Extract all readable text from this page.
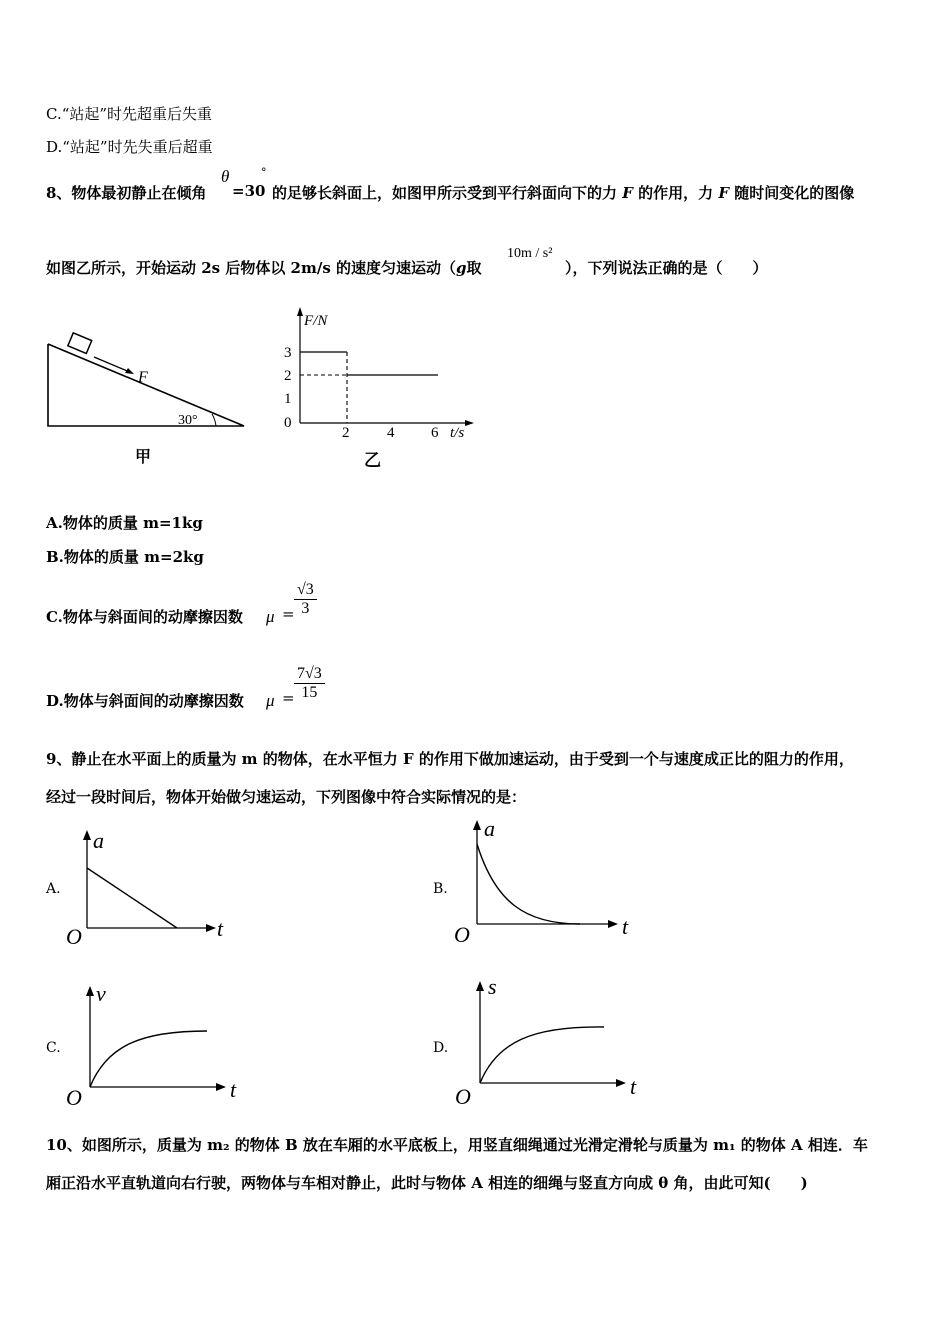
C.“站起”时先超重后失重
D.“站起”时先失重后超重
8、物体最初静止在倾角
θ
=30
°
的足够长斜面上，如图甲所示受到平行斜面向下的力 F 的作用，力 F 随时间变化的图像
如图乙所示，开始运动 2s 后物体以 2m/s 的速度匀速运动（g取
10m / s²
），下列说法正确的是（　　）
F
30°
甲
F/N
t/s
3
2
1
0
2	4 6
乙
A.物体的质量 m=1kg
B.物体的质量 m=2kg
C.物体与斜面间的动摩擦因数 $\mu = \frac{√3}{3}$
D.物体与斜面间的动摩擦因数 $\mu = \frac{7√3}{15}$
9、静止在水平面上的质量为 m 的物体，在水平恒力 F 的作用下做加速运动，由于受到一个与速度成正比的阻力的作用，
经过一段时间后，物体开始做匀速运动，下列图像中符合实际情况的是：
A.
a
t
O
B.
a
t
O
C.
v
t
O
D.
s
t
O
10、如图所示，质量为 m₂ 的物体 B 放在车厢的水平底板上，用竖直细绳通过光滑定滑轮与质量为 m₁ 的物体 A 相连．车
厢正沿水平直轨道向右行驶，两物体与车相对静止，此时与物体 A 相连的细绳与竖直方向成 θ 角，由此可知(　　)
